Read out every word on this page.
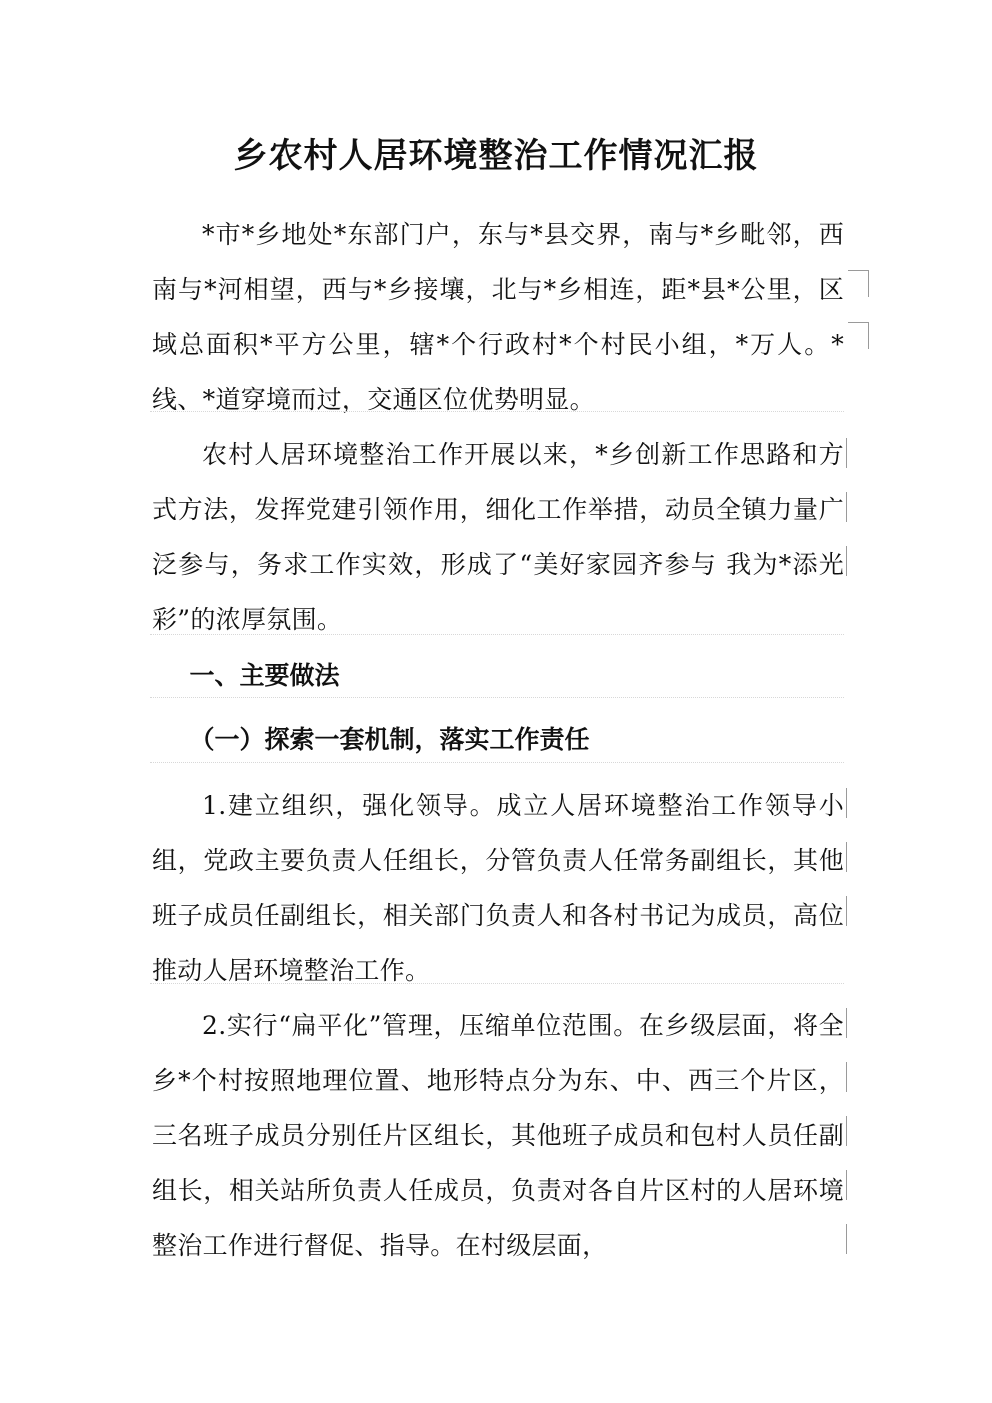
乡农村人居环境整治工作情况汇报

*市*乡地处*东部门户，东与*县交界，南与*乡毗邻，西南与*河相望，西与*乡接壤，北与*乡相连，距*县*公里，区域总面积*平方公里，辖*个行政村*个村民小组，*万人。*线、*道穿境而过，交通区位优势明显。

农村人居环境整治工作开展以来，*乡创新工作思路和方式方法，发挥党建引领作用，细化工作举措，动员全镇力量广泛参与，务求工作实效，形成了“美好家园齐参与 我为*添光彩”的浓厚氛围。

一、主要做法

（一）探索一套机制，落实工作责任

1.建立组织，强化领导。成立人居环境整治工作领导小组，党政主要负责人任组长，分管负责人任常务副组长，其他班子成员任副组长，相关部门负责人和各村书记为成员，高位推动人居环境整治工作。

2.实行“扁平化”管理，压缩单位范围。在乡级层面，将全乡*个村按照地理位置、地形特点分为东、中、西三个片区，三名班子成员分别任片区组长，其他班子成员和包村人员任副组长，相关站所负责人任成员，负责对各自片区村的人居环境整治工作进行督促、指导。在村级层面，
